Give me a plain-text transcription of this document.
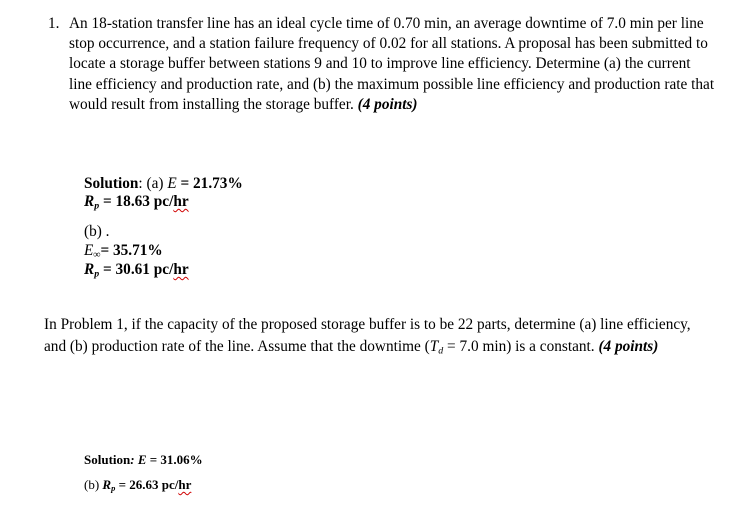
1. An 18-station transfer line has an ideal cycle time of 0.70 min, an average downtime of 7.0 min per line stop occurrence, and a station failure frequency of 0.02 for all stations. A proposal has been submitted to locate a storage buffer between stations 9 and 10 to improve line efficiency. Determine (a) the current line efficiency and production rate, and (b) the maximum possible line efficiency and production rate that would result from installing the storage buffer. (4 points)
Solution: (a) E = 21.73%
$R_p = 18.63$ pc/hr
(b) .
$E_\infty= 35.71\%$
$R_p = 30.61$ pc/hr
In Problem 1, if the capacity of the proposed storage buffer is to be 22 parts, determine (a) line efficiency, and (b) production rate of the line. Assume that the downtime ($T_d = 7.0$ min) is a constant. (4 points)
Solution: E = 31.06%
(b) $R_p = 26.63$ pc/hr
